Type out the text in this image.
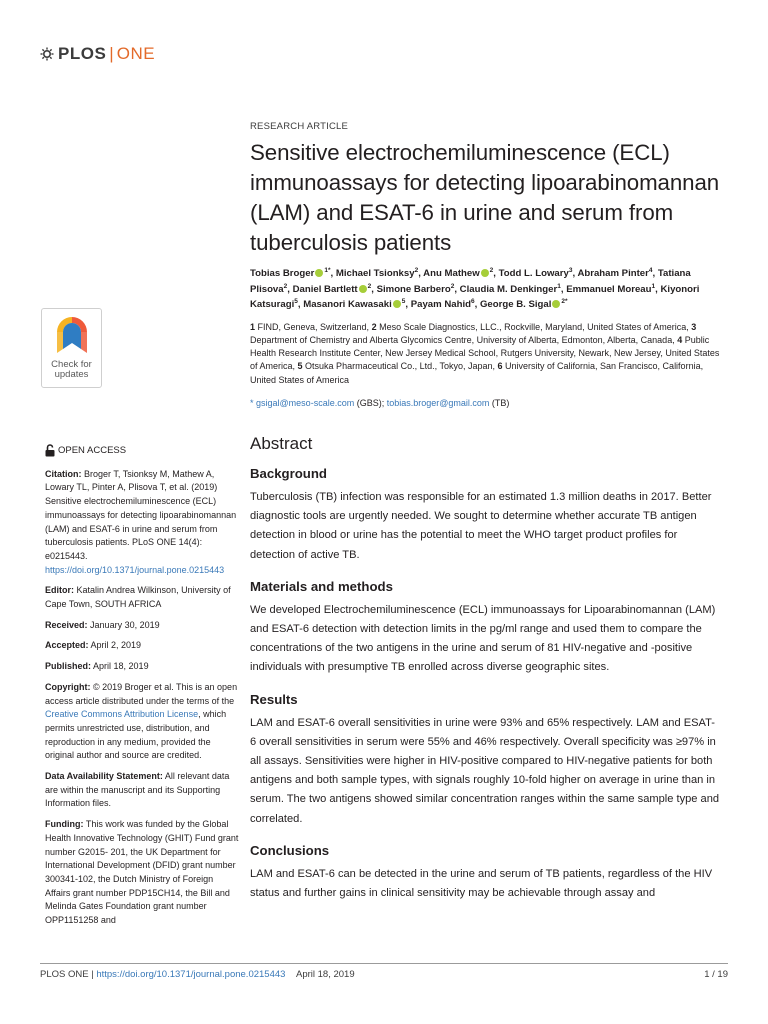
PLOS | ONE
Check for
updates
OPEN ACCESS
Citation: Broger T, Tsionksy M, Mathew A, Lowary TL, Pinter A, Plisova T, et al. (2019) Sensitive electrochemiluminescence (ECL) immunoassays for detecting lipoarabinomannan (LAM) and ESAT-6 in urine and serum from tuberculosis patients. PLoS ONE 14(4): e0215443. https://doi.org/10.1371/journal.pone.0215443
Editor: Katalin Andrea Wilkinson, University of Cape Town, SOUTH AFRICA
Received: January 30, 2019
Accepted: April 2, 2019
Published: April 18, 2019
Copyright: © 2019 Broger et al. This is an open access article distributed under the terms of the Creative Commons Attribution License, which permits unrestricted use, distribution, and reproduction in any medium, provided the original author and source are credited.
Data Availability Statement: All relevant data are within the manuscript and its Supporting Information files.
Funding: This work was funded by the Global Health Innovative Technology (GHIT) Fund grant number G2015- 201, the UK Department for International Development (DFID) grant number 300341-102, the Dutch Ministry of Foreign Affairs grant number PDP15CH14, the Bill and Melinda Gates Foundation grant number OPP1151258 and
RESEARCH ARTICLE
Sensitive electrochemiluminescence (ECL) immunoassays for detecting lipoarabinomannan (LAM) and ESAT-6 in urine and serum from tuberculosis patients
Tobias Broger $^{1*}$, Michael Tsionksy$^2$, Anu Mathew $^2$, Todd L. Lowary$^3$, Abraham Pinter$^4$, Tatiana Plisova$^2$, Daniel Bartlett $^2$, Simone Barbero$^2$, Claudia M. Denkinger$^1$, Emmanuel Moreau$^1$, Kiyonori Katsuragi$^5$, Masanori Kawasaki $^5$, Payam Nahid$^6$, George B. Sigal $^{2*}$
1 FIND, Geneva, Switzerland, 2 Meso Scale Diagnostics, LLC., Rockville, Maryland, United States of America, 3 Department of Chemistry and Alberta Glycomics Centre, University of Alberta, Edmonton, Alberta, Canada, 4 Public Health Research Institute Center, New Jersey Medical School, Rutgers University, Newark, New Jersey, United States of America, 5 Otsuka Pharmaceutical Co., Ltd., Tokyo, Japan, 6 University of California, San Francisco, California, United States of America
* gsigal@meso-scale.com (GBS); tobias.broger@gmail.com (TB)
Abstract
Background

Tuberculosis (TB) infection was responsible for an estimated 1.3 million deaths in 2017. Better diagnostic tools are urgently needed. We sought to determine whether accurate TB antigen detection in blood or urine has the potential to meet the WHO target product profiles for detection of active TB.

Materials and methods

We developed Electrochemiluminescence (ECL) immunoassays for Lipoarabinomannan (LAM) and ESAT-6 detection with detection limits in the pg/ml range and used them to compare the concentrations of the two antigens in the urine and serum of 81 HIV-negative and -positive individuals with presumptive TB enrolled across diverse geographic sites.

Results

LAM and ESAT-6 overall sensitivities in urine were 93% and 65% respectively. LAM and ESAT-6 overall sensitivities in serum were 55% and 46% respectively. Overall specificity was ≥97% in all assays. Sensitivities were higher in HIV-positive compared to HIV-negative patients for both antigens and both sample types, with signals roughly 10-fold higher on average in urine than in serum. The two antigens showed similar concentration ranges within the same sample type and correlated.

Conclusions

LAM and ESAT-6 can be detected in the urine and serum of TB patients, regardless of the HIV status and further gains in clinical sensitivity may be achievable through assay and

PLOS ONE | https://doi.org/10.1371/journal.pone.0215443 April 18, 2019	1 / 19
